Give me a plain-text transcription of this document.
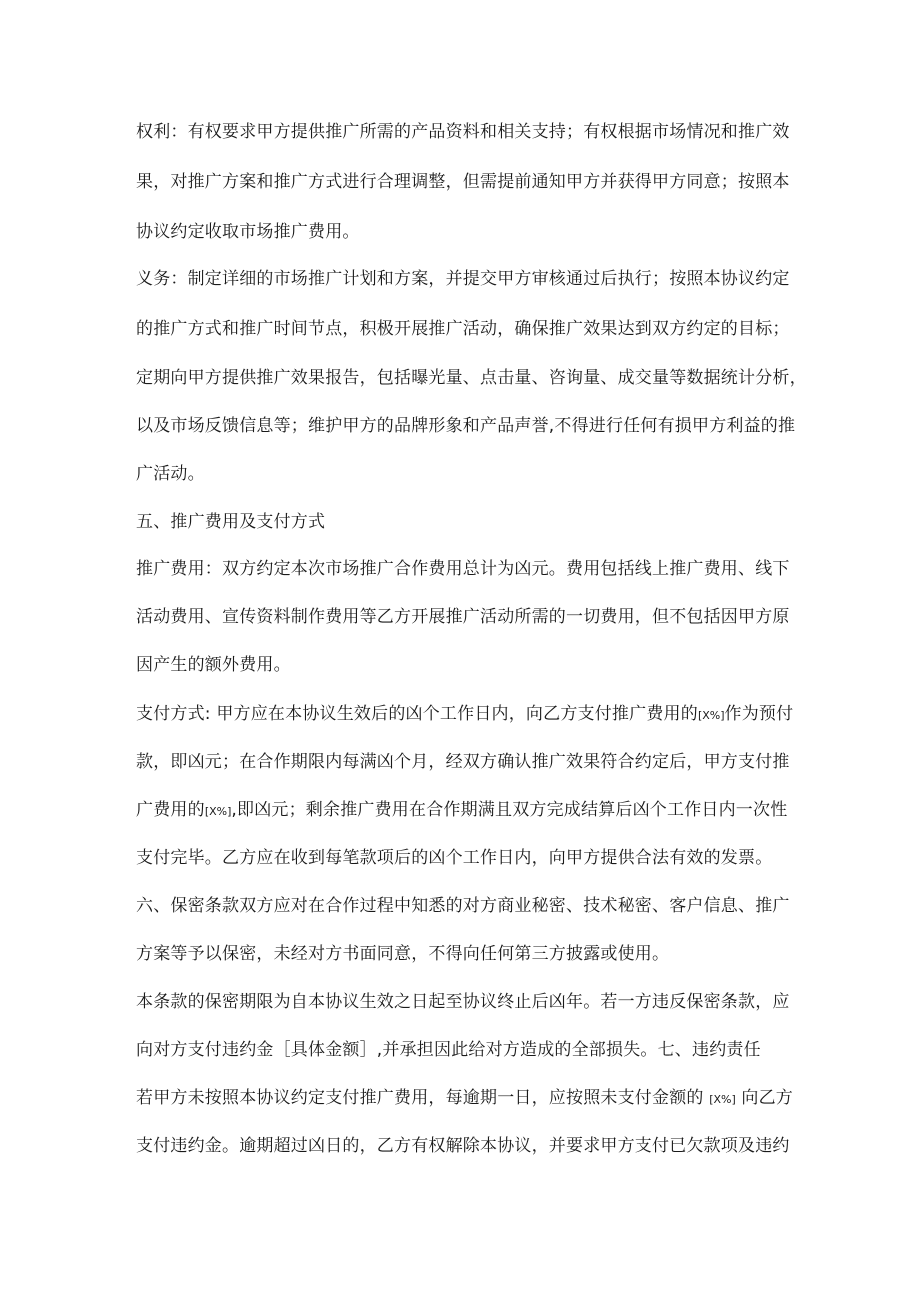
权利：有权要求甲方提供推广所需的产品资料和相关支持；有权根据市场情况和推广效
果，对推广方案和推广方式进行合理调整，但需提前通知甲方并获得甲方同意；按照本
协议约定收取市场推广费用。
义务：制定详细的市场推广计划和方案，并提交甲方审核通过后执行；按照本协议约定
的推广方式和推广时间节点，积极开展推广活动，确保推广效果达到双方约定的目标；
定期向甲方提供推广效果报告，包括曝光量、点击量、咨询量、成交量等数据统计分析，
以及市场反馈信息等；维护甲方的品牌形象和产品声誉,不得进行任何有损甲方利益的推
广活动。
五、推广费用及支付方式
推广费用：双方约定本次市场推广合作费用总计为凶元。费用包括线上推广费用、线下
活动费用、宣传资料制作费用等乙方开展推广活动所需的一切费用，但不包括因甲方原
因产生的额外费用。
支付方式: 甲方应在本协议生效后的凶个工作日内，向乙方支付推广费用的[X%]作为预付
款，即凶元；在合作期限内每满凶个月，经双方确认推广效果符合约定后，甲方支付推
广费用的[X%],即凶元；剩余推广费用在合作期满且双方完成结算后凶个工作日内一次性
支付完毕。乙方应在收到每笔款项后的凶个工作日内，向甲方提供合法有效的发票。
六、保密条款双方应对在合作过程中知悉的对方商业秘密、技术秘密、客户信息、推广
方案等予以保密，未经对方书面同意，不得向任何第三方披露或使用。
本条款的保密期限为自本协议生效之日起至协议终止后凶年。若一方违反保密条款，应
向对方支付违约金［具体金额］,并承担因此给对方造成的全部损失。七、违约责任
若甲方未按照本协议约定支付推广费用，每逾期一日，应按照未支付金额的 [X%] 向乙方
支付违约金。逾期超过凶日的，乙方有权解除本协议，并要求甲方支付已欠款项及违约
